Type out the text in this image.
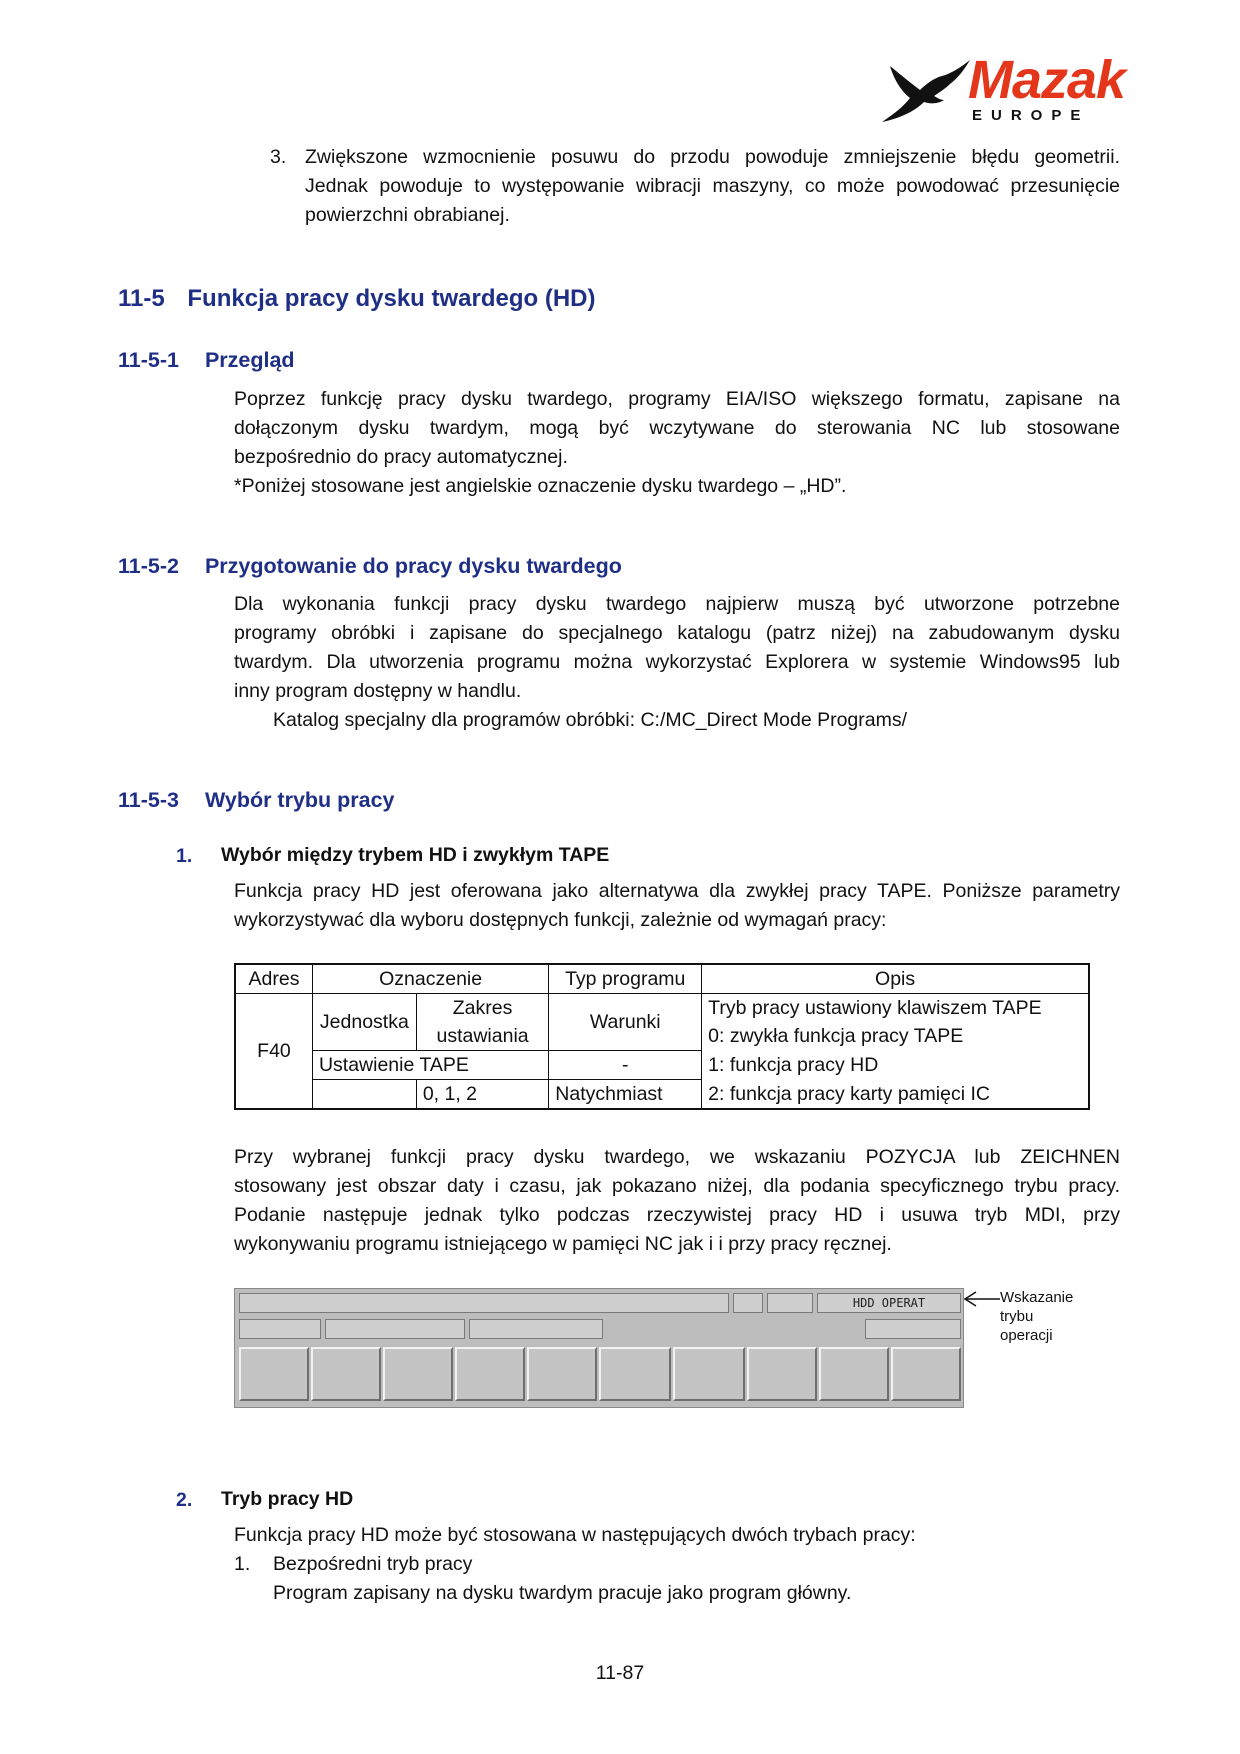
Mazak
EUROPE
3. Zwiększone wzmocnienie posuwu do przodu powoduje zmniejszenie błędu geometrii.
Jednak powoduje to występowanie wibracji maszyny, co może powodować przesunięcie
powierzchni obrabianej.
11-5 Funkcja pracy dysku twardego (HD)
11-5-1 Przegląd
Poprzez funkcję pracy dysku twardego, programy EIA/ISO większego formatu, zapisane na
dołączonym dysku twardym, mogą być wczytywane do sterowania NC lub stosowane
bezpośrednio do pracy automatycznej.
*Poniżej stosowane jest angielskie oznaczenie dysku twardego – „HD”.
11-5-2 Przygotowanie do pracy dysku twardego
Dla wykonania funkcji pracy dysku twardego najpierw muszą być utworzone potrzebne
programy obróbki i zapisane do specjalnego katalogu (patrz niżej) na zabudowanym dysku
twardym. Dla utworzenia programu można wykorzystać Explorera w systemie Windows95 lub
inny program dostępny w handlu.
Katalog specjalny dla programów obróbki: C:/MC_Direct Mode Programs/
11-5-3 Wybór trybu pracy
1. Wybór między trybem HD i zwykłym TAPE
Funkcja pracy HD jest oferowana jako alternatywa dla zwykłej pracy TAPE. Poniższe parametry
wykorzystywać dla wyboru dostępnych funkcji, zależnie od wymagań pracy:
Adres	Oznaczenie		Typ programu	Opis
F40	Jednostka	Zakres	Warunki	Tryb pracy ustawiony klawiszem TAPE
		ustawiania		0: zwykła funkcja pracy TAPE
	Ustawienie TAPE		-	1: funkcja pracy HD
		0, 1, 2	Natychmiast	2: funkcja pracy karty pamięci IC
Przy wybranej funkcji pracy dysku twardego, we wskazaniu POZYCJA lub ZEICHNEN
stosowany jest obszar daty i czasu, jak pokazano niżej, dla podania specyficznego trybu pracy.
Podanie następuje jednak tylko podczas rzeczywistej pracy HD i usuwa tryb MDI, przy
wykonywaniu programu istniejącego w pamięci NC jak i i przy pracy ręcznej.
HDD OPERAT	Wskazanie
trybu
operacji
2. Tryb pracy HD
Funkcja pracy HD może być stosowana w następujących dwóch trybach pracy:
1. Bezpośredni tryb pracy
Program zapisany na dysku twardym pracuje jako program główny.
11-87
